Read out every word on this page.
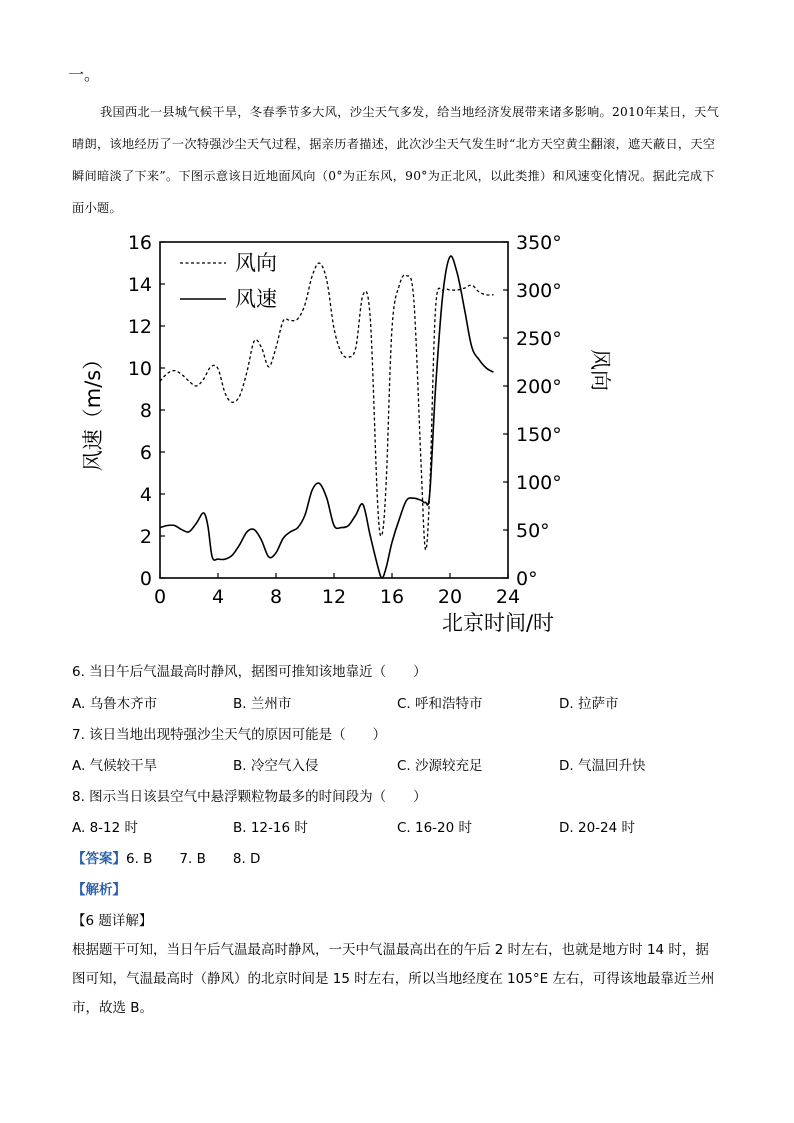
一。
我国西北一县城气候干旱，冬春季节多大风，沙尘天气多发，给当地经济发展带来诸多影响。2010年某日，天气晴朗，该地经历了一次特强沙尘天气过程，据亲历者描述，此次沙尘天气发生时“北方天空黄尘翻滚，遮天蔽日，天空瞬间暗淡了下来”。下图示意该日近地面风向（0°为正东风，90°为正北风，以此类推）和风速变化情况。据此完成下面小题。
0 4 8 12 16 20 24
0
2
4
6
8
10
12
14
16
0°
50°
100°
150°
200°
250°
300°
350°
风速（m/s）	风向
北京时间/时
风向
风速
6. 当日午后气温最高时静风，据图可推知该地靠近（　　）
A. 乌鲁木齐市	B. 兰州市	C. 呼和浩特市	D. 拉萨市
7. 该日当地出现特强沙尘天气的原因可能是（　　）
A. 气候较干旱	B. 冷空气入侵	C. 沙源较充足	D. 气温回升快
8. 图示当日该县空气中悬浮颗粒物最多的时间段为（　　）
A. 8-12 时	B. 12-16 时	C. 16-20 时	D. 20-24 时
【答案】6. B　　7. B　　8. D
【解析】
【6 题详解】
根据题干可知，当日午后气温最高时静风，一天中气温最高出在的午后 2 时左右，也就是地方时 14 时，据图可知，气温最高时（静风）的北京时间是 15 时左右，所以当地经度在 105°E 左右，可得该地最靠近兰州市，故选 B。
